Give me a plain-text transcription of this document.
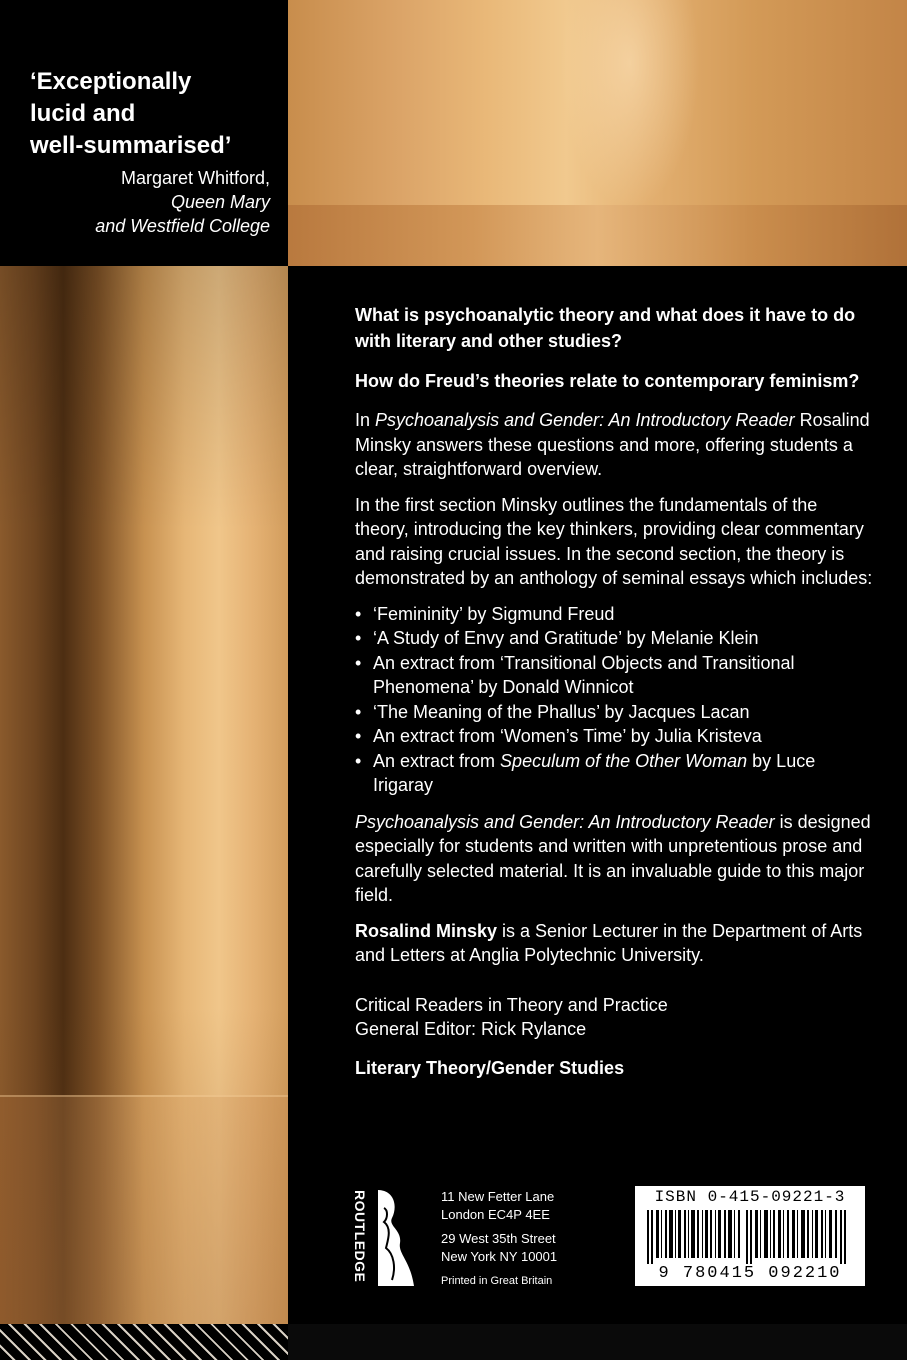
‘Exceptionally
lucid and
well-summarised’

Margaret Whitford,
Queen Mary
and Westfield College

What is psychoanalytic theory and what does it have to do with literary and other studies?

How do Freud’s theories relate to contemporary feminism?

In Psychoanalysis and Gender: An Introductory Reader Rosalind Minsky answers these questions and more, offering students a clear, straightforward overview.

In the first section Minsky outlines the fundamentals of the theory, introducing the key thinkers, providing clear commentary and raising crucial issues. In the second section, the theory is demonstrated by an anthology of seminal essays which includes:

• ‘Femininity’ by Sigmund Freud
• ‘A Study of Envy and Gratitude’ by Melanie Klein
• An extract from ‘Transitional Objects and Transitional Phenomena’ by Donald Winnicot
• ‘The Meaning of the Phallus’ by Jacques Lacan
• An extract from ‘Women’s Time’ by Julia Kristeva
• An extract from Speculum of the Other Woman by Luce Irigaray

Psychoanalysis and Gender: An Introductory Reader is designed especially for students and written with unpretentious prose and carefully selected material. It is an invaluable guide to this major field.

Rosalind Minsky is a Senior Lecturer in the Department of Arts and Letters at Anglia Polytechnic University.

Critical Readers in Theory and Practice
General Editor: Rick Rylance
Literary Theory/Gender Studies
ROUTLEDGE	11 New Fetter Lane
London EC4P 4EE
29 West 35th Street
New York NY 10001
Printed in Great Britain
ISBN 0-415-09221-3
9 780415 092210
